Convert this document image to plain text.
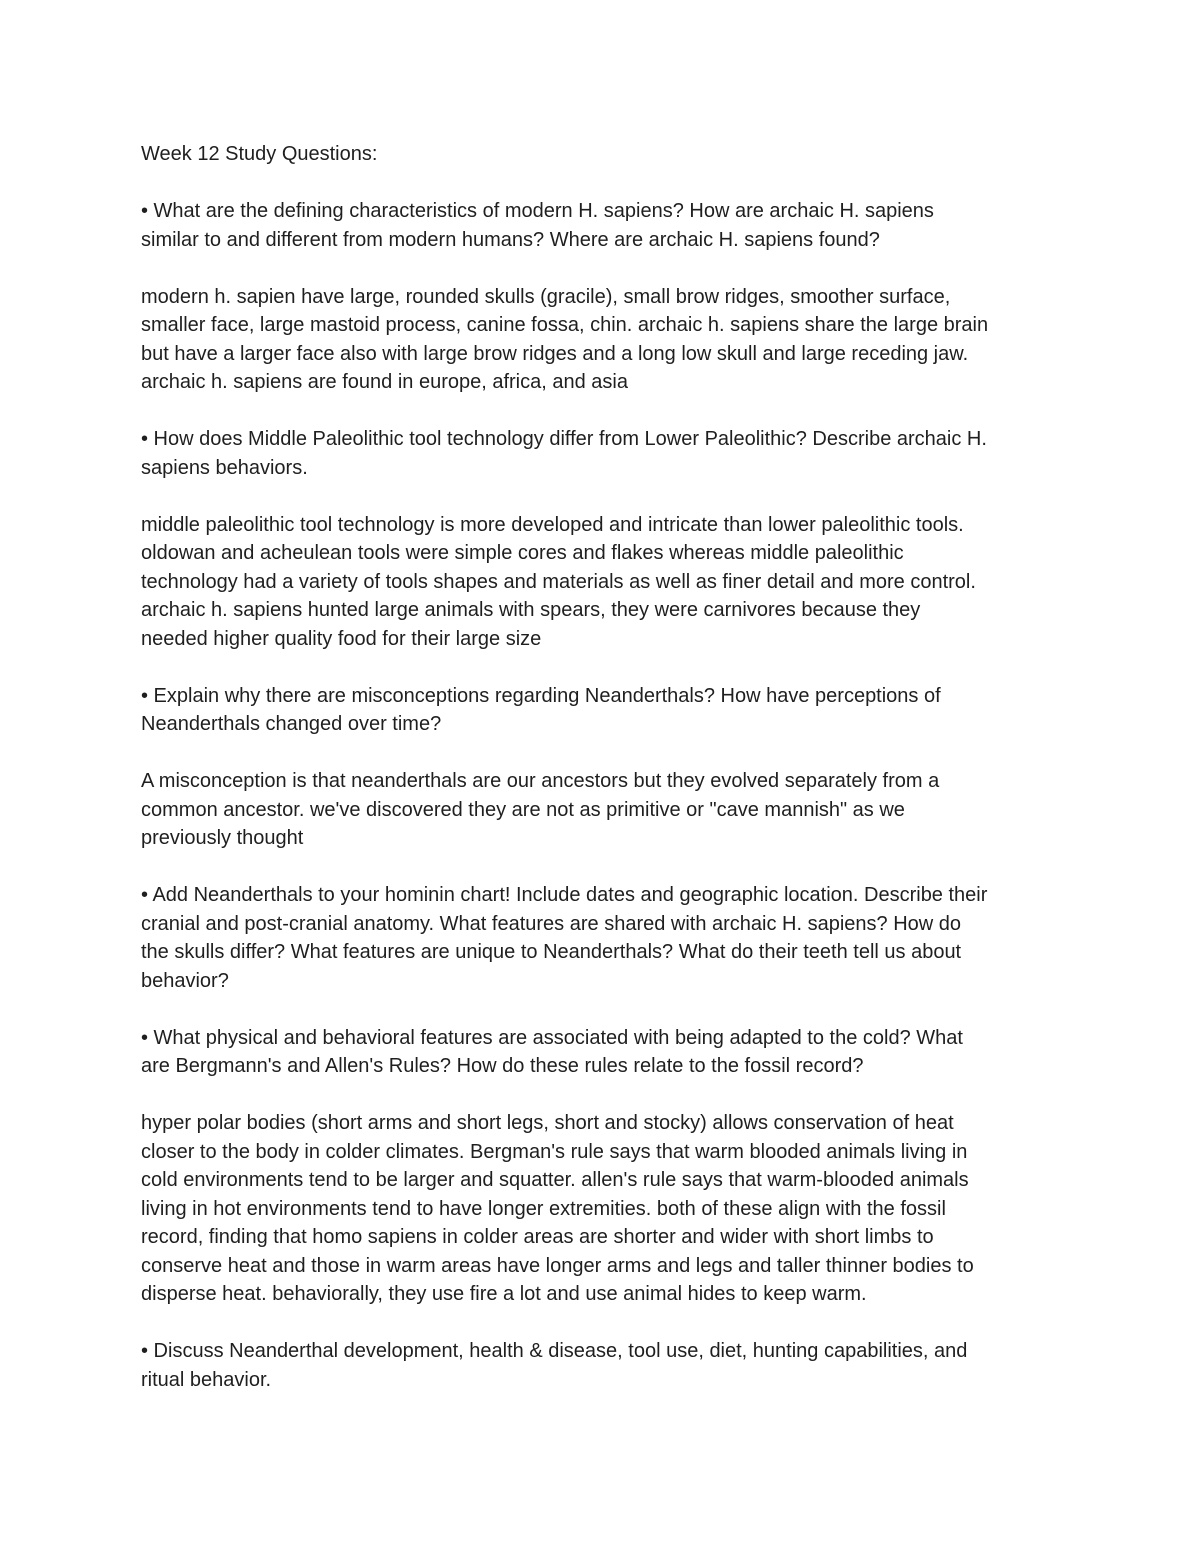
Week 12 Study Questions:
• What are the defining characteristics of modern H. sapiens? How are archaic H. sapiens
similar to and different from modern humans? Where are archaic H. sapiens found?
modern h. sapien have large, rounded skulls (gracile), small brow ridges, smoother surface,
smaller face, large mastoid process, canine fossa, chin. archaic h. sapiens share the large brain
but have a larger face also with large brow ridges and a long low skull and large receding jaw.
archaic h. sapiens are found in europe, africa, and asia
• How does Middle Paleolithic tool technology differ from Lower Paleolithic? Describe archaic H.
sapiens behaviors.
middle paleolithic tool technology is more developed and intricate than lower paleolithic tools.
oldowan and acheulean tools were simple cores and flakes whereas middle paleolithic
technology had a variety of tools shapes and materials as well as finer detail and more control.
archaic h. sapiens hunted large animals with spears, they were carnivores because they
needed higher quality food for their large size
• Explain why there are misconceptions regarding Neanderthals? How have perceptions of
Neanderthals changed over time?
A misconception is that neanderthals are our ancestors but they evolved separately from a
common ancestor. we've discovered they are not as primitive or "cave mannish" as we
previously thought
• Add Neanderthals to your hominin chart! Include dates and geographic location. Describe their
cranial and post-cranial anatomy. What features are shared with archaic H. sapiens? How do
the skulls differ? What features are unique to Neanderthals? What do their teeth tell us about
behavior?
• What physical and behavioral features are associated with being adapted to the cold? What
are Bergmann's and Allen's Rules? How do these rules relate to the fossil record?
hyper polar bodies (short arms and short legs, short and stocky) allows conservation of heat
closer to the body in colder climates. Bergman's rule says that warm blooded animals living in
cold environments tend to be larger and squatter. allen's rule says that warm-blooded animals
living in hot environments tend to have longer extremities. both of these align with the fossil
record, finding that homo sapiens in colder areas are shorter and wider with short limbs to
conserve heat and those in warm areas have longer arms and legs and taller thinner bodies to
disperse heat. behaviorally, they use fire a lot and use animal hides to keep warm.
• Discuss Neanderthal development, health & disease, tool use, diet, hunting capabilities, and
ritual behavior.
